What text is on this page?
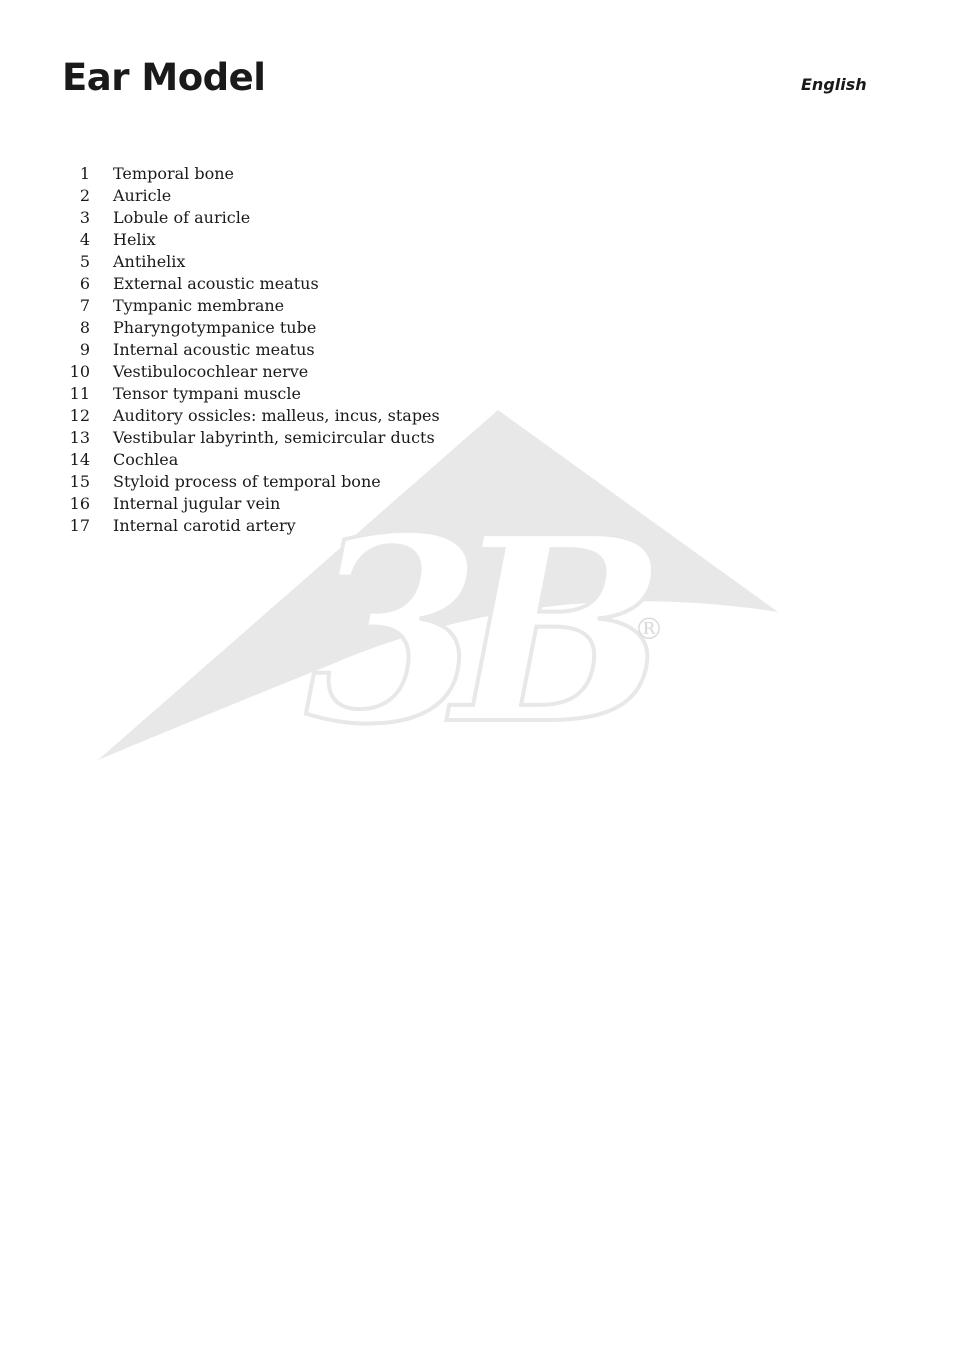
Ear Model	English
3B
®
1 Temporal bone
2 Auricle
3 Lobule of auricle
4 Helix
5 Antihelix
6 External acoustic meatus
7 Tympanic membrane
8 Pharyngotympanice tube
9 Internal acoustic meatus
10 Vestibulocochlear nerve
11 Tensor tympani muscle
12 Auditory ossicles: malleus, incus, stapes
13 Vestibular labyrinth, semicircular ducts
14 Cochlea
15 Styloid process of temporal bone
16 Internal jugular vein
17 Internal carotid artery
